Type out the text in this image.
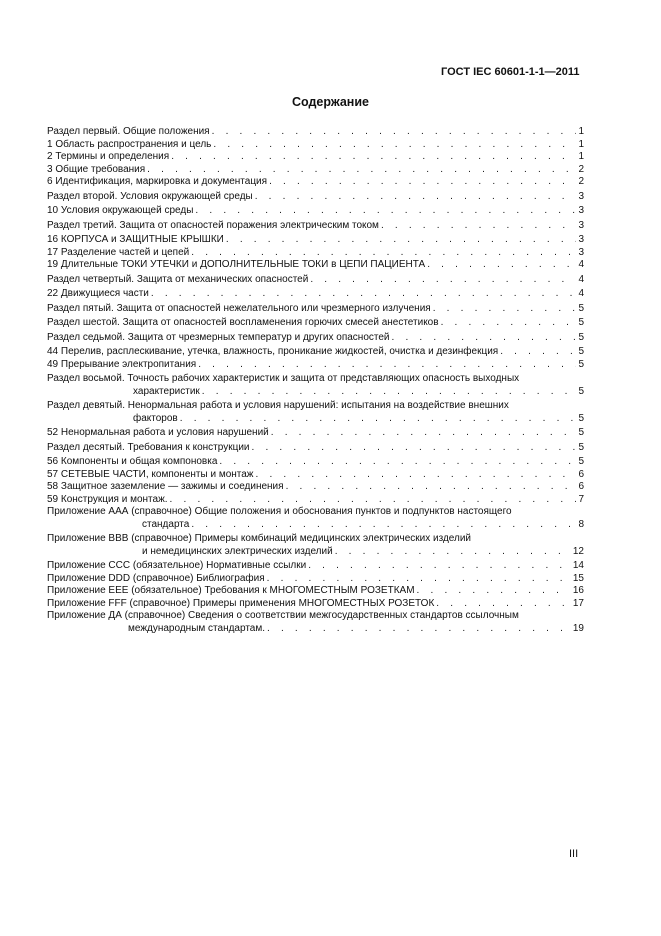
ГОСТ IEC 60601-1-1—2011
Содержание
Раздел первый. Общие положения . . .	1
1 Область распространения и цель . . .	1
2 Термины и определения . . .	1
3 Общие требования . . .	2
6 Идентификация, маркировка и документация . . .	2
Раздел второй. Условия окружающей среды . . .	3
10 Условия окружающей среды . . .	3
Раздел третий. Защита от опасностей поражения электрическим током . . .	3
16 КОРПУСА и ЗАЩИТНЫЕ КРЫШКИ . . .	3
17 Разделение частей и цепей . . .	3
19 Длительные ТОКИ УТЕЧКИ и ДОПОЛНИТЕЛЬНЫЕ ТОКИ в ЦЕПИ ПАЦИЕНТА . . .	4
Раздел четвертый. Защита от механических опасностей . . .	4
22 Движущиеся части . . .	4
Раздел пятый. Защита от опасностей нежелательного или чрезмерного излучения . . .	5
Раздел шестой. Защита от опасностей воспламенения горючих смесей анестетиков . . .	5
Раздел седьмой. Защита от чрезмерных температур и других опасностей . . .	5
44 Перелив, расплескивание, утечка, влажность, проникание жидкостей, очистка и дезинфекция . . .	5
49 Прерывание электропитания . . .	5
Раздел восьмой. Точность рабочих характеристик и защита от представляющих опасность выходных
характеристик . . .	5
Раздел девятый. Ненормальная работа и условия нарушений: испытания на воздействие внешних
факторов . . .	5
52 Ненормальная работа и условия нарушений . . .	5
Раздел десятый. Требования к конструкции . . .	5
56 Компоненты и общая компоновка . . .	5
57 СЕТЕВЫЕ ЧАСТИ, компоненты и монтаж . . .	6
58 Защитное заземление — зажимы и соединения . . .	6
59 Конструкция и монтаж. . . .	7
Приложение ААА (справочное) Общие положения и обоснования пунктов и подпунктов настоящего
стандарта . . .	8
Приложение ВВВ (справочное) Примеры комбинаций медицинских электрических изделий
и немедицинских электрических изделий . . .	12
Приложение ССС (обязательное) Нормативные ссылки . . .	14
Приложение DDD (справочное) Библиография . . .	15
Приложение ЕЕЕ (обязательное) Требования к МНОГОМЕСТНЫМ РОЗЕТКАМ . . .	16
Приложение FFF (справочное) Примеры применения МНОГОМЕСТНЫХ РОЗЕТОК . . .	17
Приложение ДА (справочное) Сведения о соответствии межгосударственных стандартов ссылочным
международным стандартам. . . .	19
III
